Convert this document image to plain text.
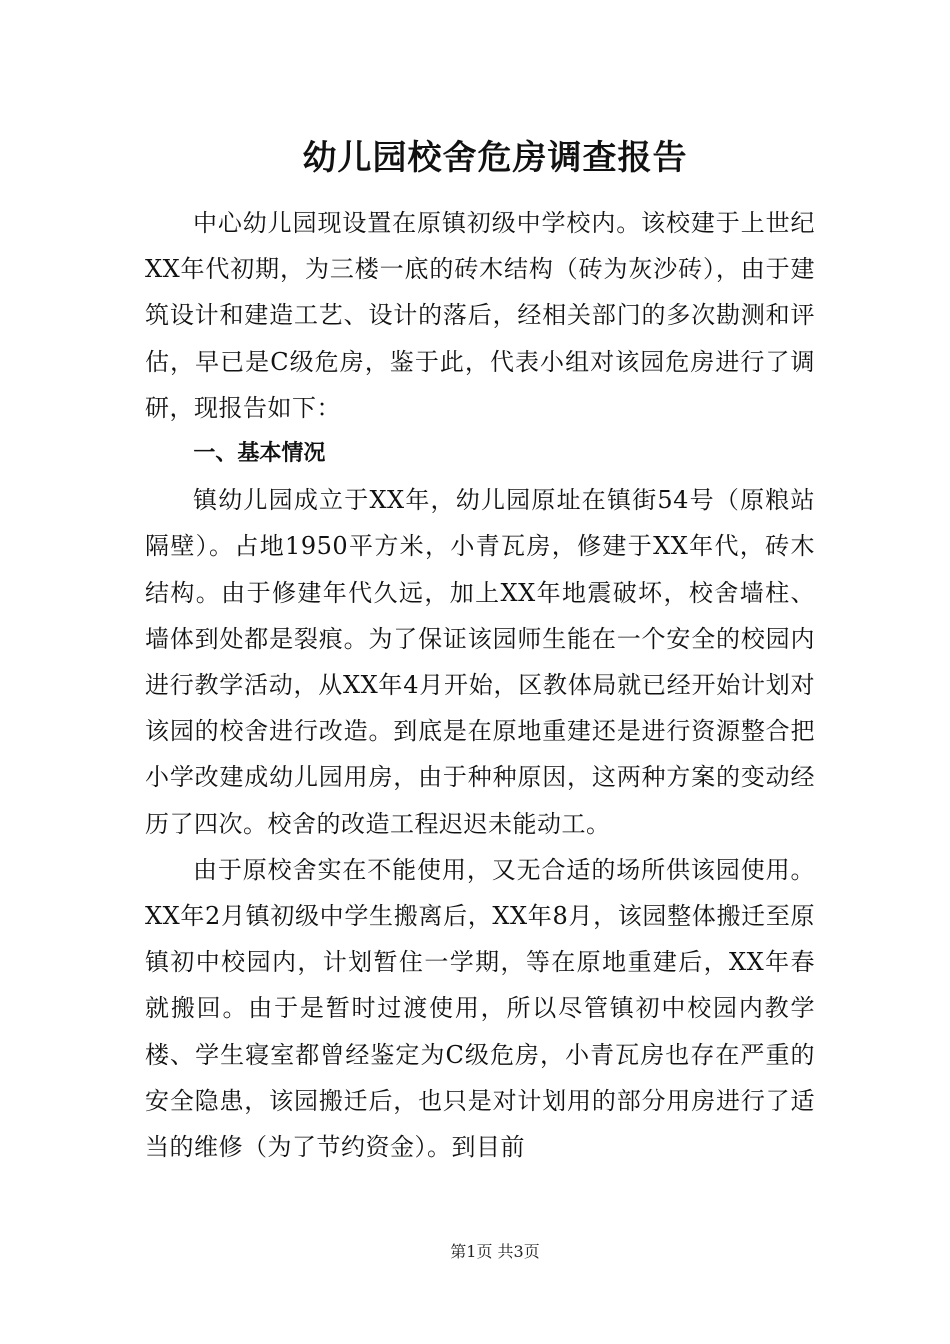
幼儿园校舍危房调查报告

中心幼儿园现设置在原镇初级中学校内。该校建于上世纪XX年代初期，为三楼一底的砖木结构（砖为灰沙砖），由于建筑设计和建造工艺、设计的落后，经相关部门的多次勘测和评估，早已是C级危房，鉴于此，代表小组对该园危房进行了调研，现报告如下：

一、基本情况

镇幼儿园成立于XX年，幼儿园原址在镇街54号（原粮站隔壁）。占地1950平方米，小青瓦房，修建于XX年代，砖木结构。由于修建年代久远，加上XX年地震破坏，校舍墙柱、墙体到处都是裂痕。为了保证该园师生能在一个安全的校园内进行教学活动，从XX年4月开始，区教体局就已经开始计划对该园的校舍进行改造。到底是在原地重建还是进行资源整合把小学改建成幼儿园用房，由于种种原因，这两种方案的变动经历了四次。校舍的改造工程迟迟未能动工。

由于原校舍实在不能使用，又无合适的场所供该园使用。XX年2月镇初级中学生搬离后，XX年8月，该园整体搬迁至原镇初中校园内，计划暂住一学期，等在原地重建后，XX年春就搬回。由于是暂时过渡使用，所以尽管镇初中校园内教学楼、学生寝室都曾经鉴定为C级危房，小青瓦房也存在严重的安全隐患，该园搬迁后，也只是对计划用的部分用房进行了适当的维修（为了节约资金）。到目前

第1页 共3页
